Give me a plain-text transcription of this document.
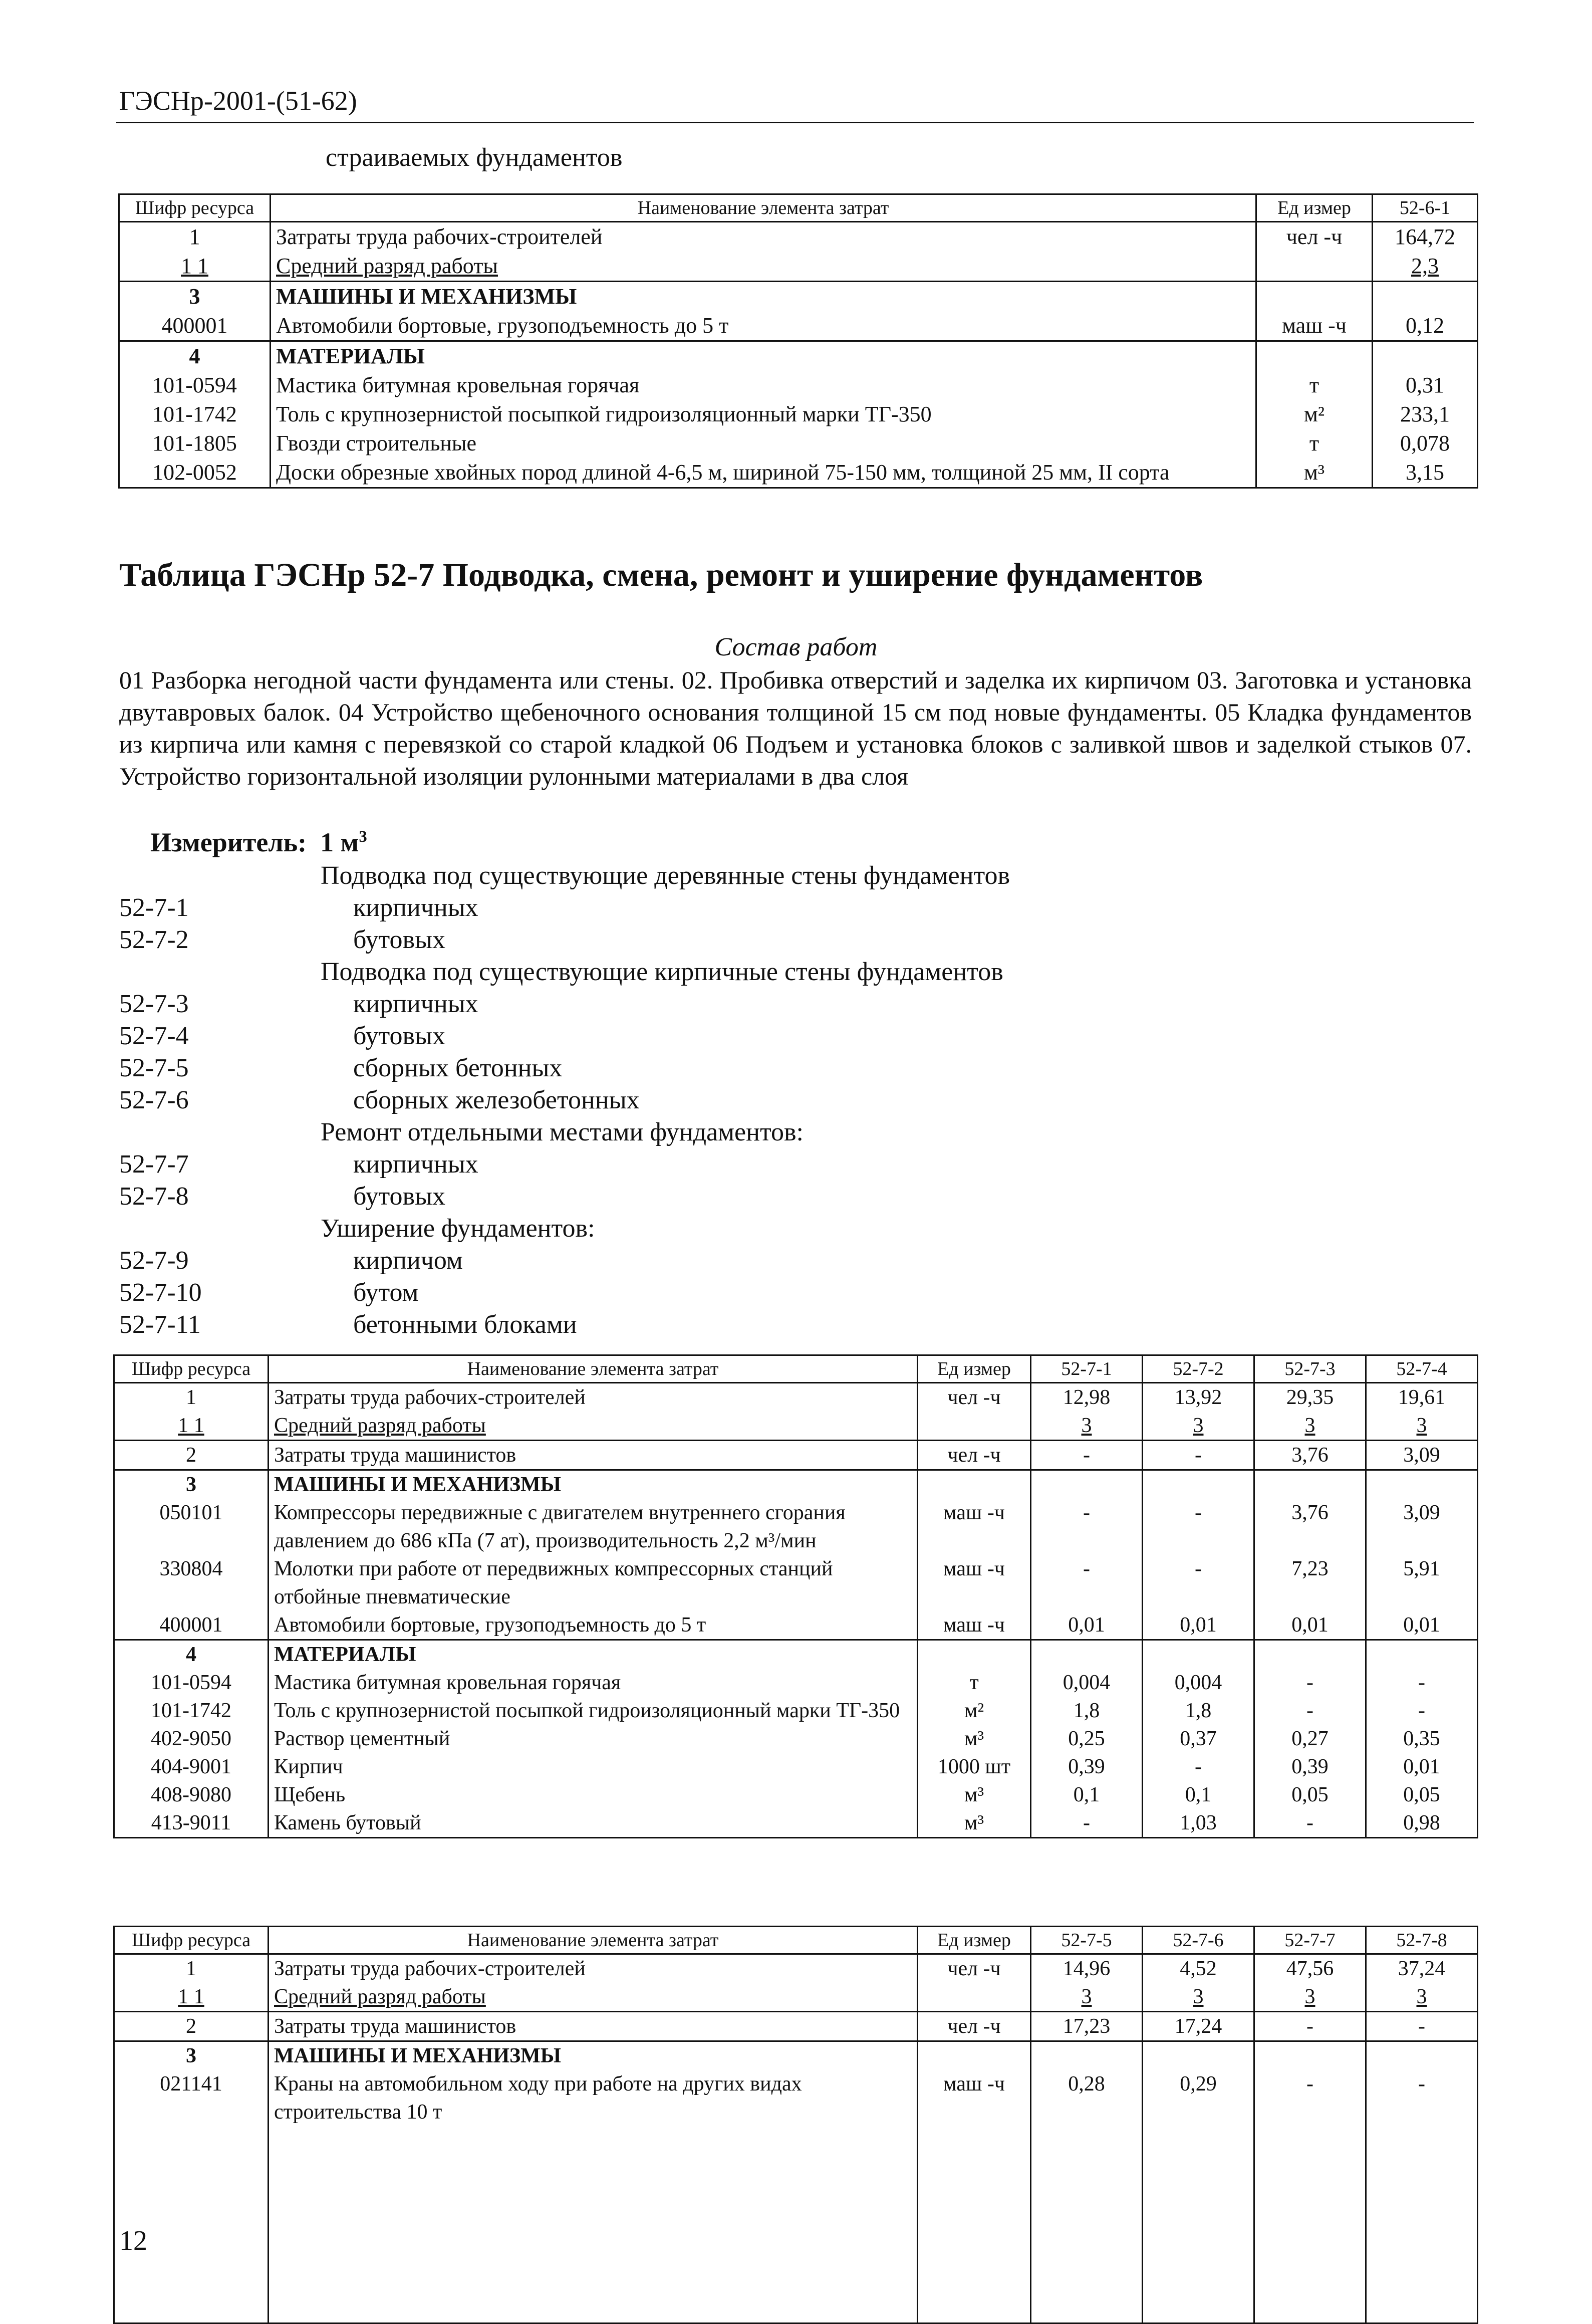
ГЭСНр-2001-(51-62)
страиваемых фундаментов
Шифр ресурса	Наименование элемента затрат	Ед измер	52-6-1
1	Затраты труда рабочих-строителей	чел -ч	164,72
1 1	Средний разряд работы		2,3
3	МАШИНЫ И МЕХАНИЗМЫ		
400001	Автомобили бортовые, грузоподъемность до 5 т	маш -ч	0,12
4	МАТЕРИАЛЫ		
101-0594	Мастика битумная кровельная горячая	т	0,31
101-1742	Толь с крупнозернистой посыпкой гидроизоляционный марки ТГ-350	м²	233,1
101-1805	Гвозди строительные	т	0,078
102-0052	Доски обрезные хвойных пород длиной 4-6,5 м, шириной 75-150 мм, толщиной 25 мм, II сорта	м³	3,15
Таблица ГЭСНр 52-7 Подводка, смена, ремонт и уширение фундаментов
Состав работ
01 Разборка негодной части фундамента или стены. 02. Пробивка отверстий и заделка их кирпичом 03. Заготовка и установка двутавровых балок. 04 Устройство щебеночного основания толщиной 15 см под новые фундаменты. 05 Кладка фундаментов из кирпича или камня с перевязкой со старой кладкой 06 Подъем и установка блоков с заливкой швов и заделкой стыков 07. Устройство горизонтальной изоляции рулонными материалами в два слоя
Измеритель: 1 $м^3$
Подводка под существующие деревянные стены фундаментов
52-7-1	кирпичных
52-7-2	бутовых
Подводка под существующие кирпичные стены фундаментов
52-7-3	кирпичных
52-7-4	бутовых
52-7-5	сборных бетонных
52-7-6	сборных железобетонных
Ремонт отдельными местами фундаментов:
52-7-7	кирпичных
52-7-8	бутовых
Уширение фундаментов:
52-7-9	кирпичом
52-7-10	бутом
52-7-11	бетонными блоками
Шифр ресурса	Наименование элемента затрат	Ед измер	52-7-1	52-7-2	52-7-3	52-7-4
1	Затраты труда рабочих-строителей	чел -ч	12,98	13,92	29,35	19,61
1 1	Средний разряд работы		3	3	3	3
2	Затраты труда машинистов	чел -ч	-	-	3,76	3,09
3	МАШИНЫ И МЕХАНИЗМЫ					
050101	Компрессоры передвижные с двигателем внутреннего сгорания давлением до 686 кПа (7 ат), производительность 2,2 м³/мин	маш -ч	-	-	3,76	3,09
330804	Молотки при работе от передвижных компрессорных станций отбойные пневматические	маш -ч	-	-	7,23	5,91
400001	Автомобили бортовые, грузоподъемность до 5 т	маш -ч	0,01	0,01	0,01	0,01
4	МАТЕРИАЛЫ					
101-0594	Мастика битумная кровельная горячая	т	0,004	0,004	-	-
101-1742	Толь с крупнозернистой посыпкой гидроизоляционный марки ТГ-350	м²	1,8	1,8	-	-
402-9050	Раствор цементный	м³	0,25	0,37	0,27	0,35
404-9001	Кирпич	1000 шт	0,39	-	0,39	0,01
408-9080	Щебень	м³	0,1	0,1	0,05	0,05
413-9011	Камень бутовый	м³	-	1,03	-	0,98
Шифр ресурса	Наименование элемента затрат	Ед измер	52-7-5	52-7-6	52-7-7	52-7-8
1	Затраты труда рабочих-строителей	чел -ч	14,96	4,52	47,56	37,24
1 1	Средний разряд работы		3	3	3	3
2	Затраты труда машинистов	чел -ч	17,23	17,24	-	-
3	МАШИНЫ И МЕХАНИЗМЫ					
021141	Краны на автомобильном ходу при работе на других видах строительства 10 т	маш -ч	0,28	0,29	-	-
12
